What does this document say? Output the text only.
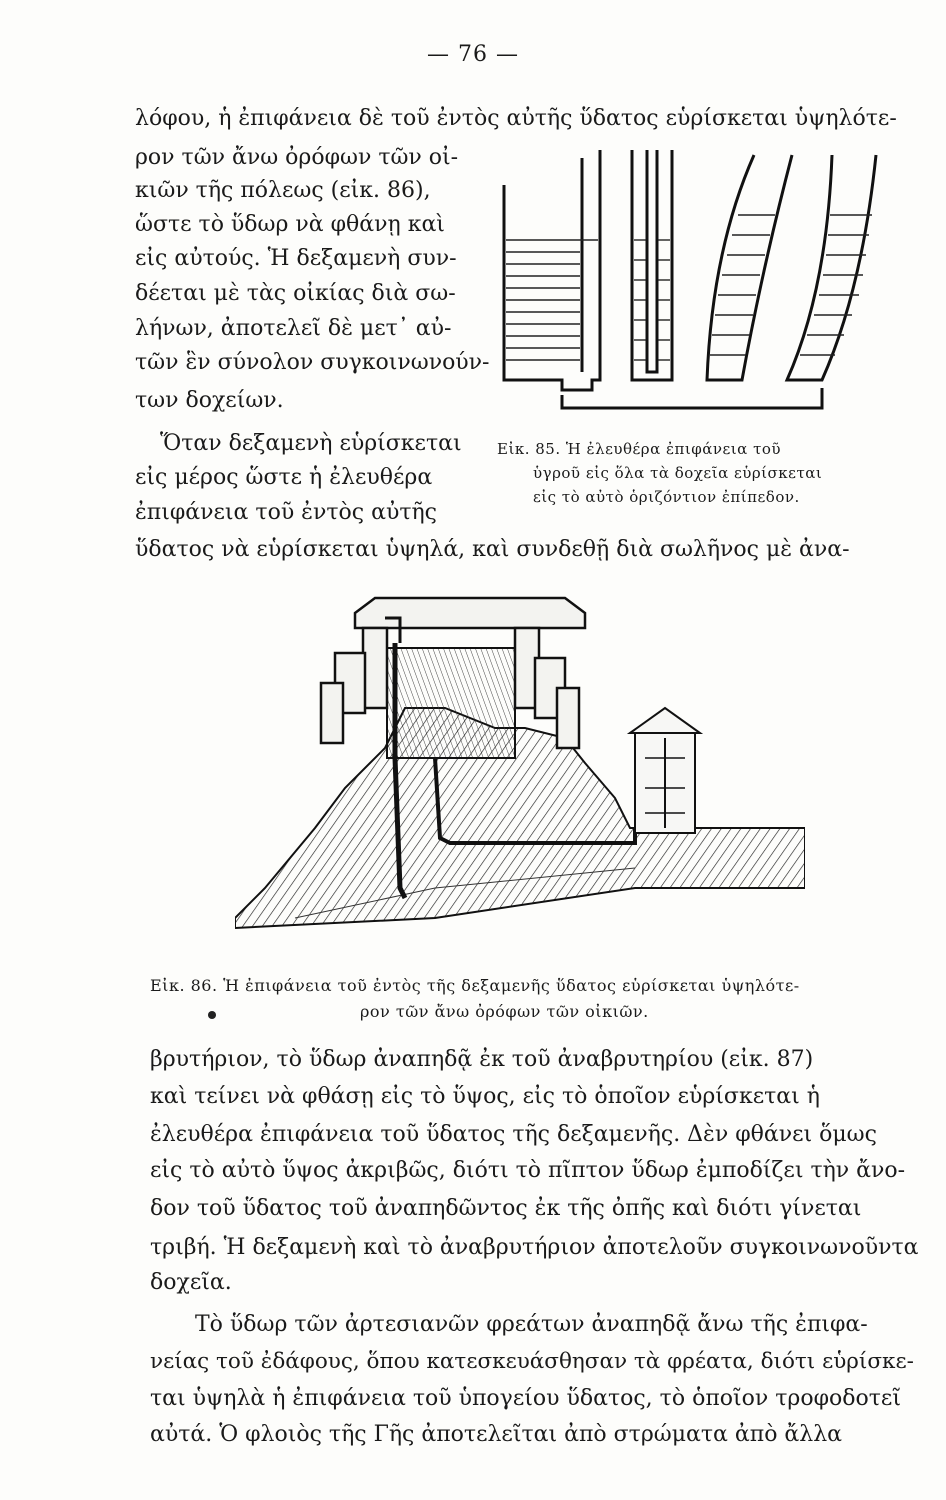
— 76 —
λόφου, ἡ ἐπιφάνεια δὲ τοῦ ἐντὸς αὐτῆς ὕδατος εὑρίσκεται ὑψηλότε-
ρον τῶν ἄνω ὀρόφων τῶν οἰ-
κιῶν τῆς πόλεως (εἰκ. 86),
ὥστε τὸ ὕδωρ νὰ φθάνῃ καὶ
εἰς αὐτούς. Ἡ δεξαμενὴ συν-
δέεται μὲ τὰς οἰκίας διὰ σω-
λήνων, ἀποτελεῖ δὲ μετ᾽ αὐ-
τῶν ἓν σύνολον συγκοινωνούν-
των δοχείων.
Ὅταν δεξαμενὴ εὑρίσκεται
εἰς μέρος ὥστε ἡ ἐλευθέρα
ἐπιφάνεια τοῦ ἐντὸς αὐτῆς
Εἰκ. 85. Ἡ ἐλευθέρα ἐπιφάνεια τοῦ
ὑγροῦ εἰς ὅλα τὰ δοχεῖα εὑρίσκεται
εἰς τὸ αὐτὸ ὁριζόντιον ἐπίπεδον.
ὕδατος νὰ εὑρίσκεται ὑψηλά, καὶ συνδεθῇ διὰ σωλῆνος μὲ ἀνα-
Εἰκ. 86. Ἡ ἐπιφάνεια τοῦ ἐντὸς τῆς δεξαμενῆς ὕδατος εὑρίσκεται ὑψηλότε-
ρον τῶν ἄνω ὀρόφων τῶν οἰκιῶν.
βρυτήριον, τὸ ὕδωρ ἀναπηδᾷ ἐκ τοῦ ἀναβρυτηρίου (εἰκ. 87)
καὶ τείνει νὰ φθάσῃ εἰς τὸ ὕψος, εἰς τὸ ὁποῖον εὑρίσκεται ἡ
ἐλευθέρα ἐπιφάνεια τοῦ ὕδατος τῆς δεξαμενῆς. Δὲν φθάνει ὅμως
εἰς τὸ αὐτὸ ὕψος ἀκριβῶς, διότι τὸ πῖπτον ὕδωρ ἐμποδίζει τὴν ἄνο-
δον τοῦ ὕδατος τοῦ ἀναπηδῶντος ἐκ τῆς ὀπῆς καὶ διότι γίνεται
τριβή. Ἡ δεξαμενὴ καὶ τὸ ἀναβρυτήριον ἀποτελοῦν συγκοινωνοῦντα
δοχεῖα.
Τὸ ὕδωρ τῶν ἀρτεσιανῶν φρεάτων ἀναπηδᾷ ἄνω τῆς ἐπιφα-
νείας τοῦ ἐδάφους, ὅπου κατεσκευάσθησαν τὰ φρέατα, διότι εὑρίσκε-
ται ὑψηλὰ ἡ ἐπιφάνεια τοῦ ὑπογείου ὕδατος, τὸ ὁποῖον τροφοδοτεῖ
αὐτά. Ὁ φλοιὸς τῆς Γῆς ἀποτελεῖται ἀπὸ στρώματα ἀπὸ ἄλλα
